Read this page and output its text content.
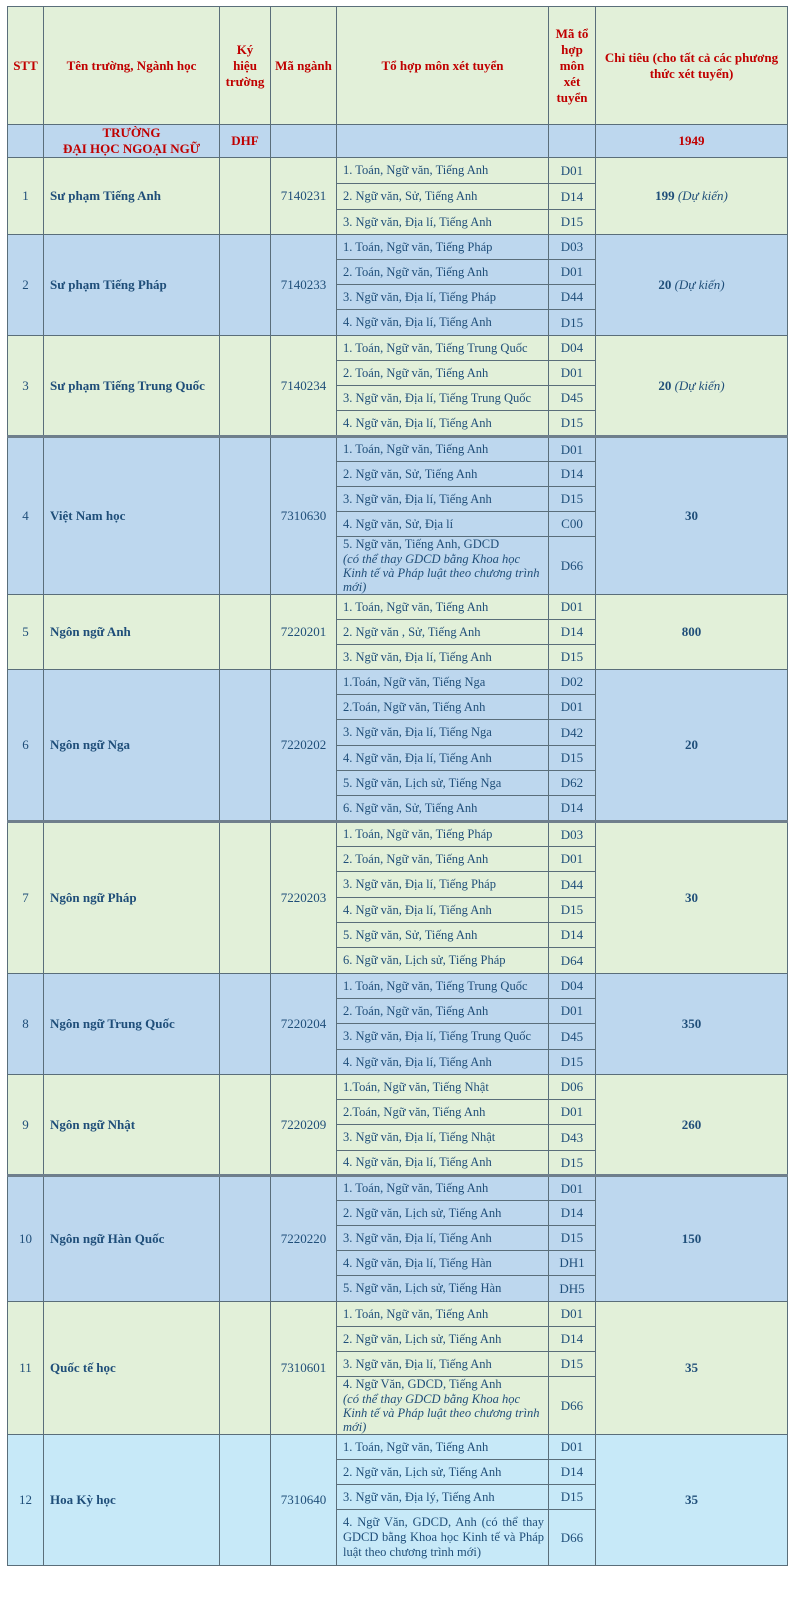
STT	Tên trường, Ngành học	Ký hiệu trường	Mã ngành	Tổ hợp môn xét tuyển	Mã tổ hợp môn xét tuyển	Chỉ tiêu (cho tất cả các phương thức xét tuyển)

	TRƯỜNG
ĐẠI HỌC NGOẠI NGỮ	DHF				1949
1	Sư phạm Tiếng Anh		7140231	1. Toán, Ngữ văn, Tiếng Anh	D01	199 (Dự kiến)
				2. Ngữ văn, Sử, Tiếng Anh	D14	
				3. Ngữ văn, Địa lí, Tiếng Anh	D15	
2	Sư phạm Tiếng Pháp		7140233	1. Toán, Ngữ văn, Tiếng Pháp	D03	20 (Dự kiến)
				2. Toán, Ngữ văn, Tiếng Anh	D01	
				3. Ngữ văn, Địa lí, Tiếng Pháp	D44	
				4. Ngữ văn, Địa lí, Tiếng Anh	D15	
3	Sư phạm Tiếng Trung Quốc		7140234	1. Toán, Ngữ văn, Tiếng Trung Quốc	D04	20 (Dự kiến)
				2. Toán, Ngữ văn, Tiếng Anh	D01	
				3. Ngữ văn, Địa lí, Tiếng Trung Quốc	D45	
				4. Ngữ văn, Địa lí, Tiếng Anh	D15	
4	Việt Nam học		7310630	1. Toán, Ngữ văn, Tiếng Anh	D01	30
				2. Ngữ văn, Sử, Tiếng Anh	D14	
				3. Ngữ văn, Địa lí, Tiếng Anh	D15	
				4. Ngữ văn, Sử, Địa lí	C00	
				5. Ngữ văn, Tiếng Anh, GDCD
(có thể thay GDCD bằng Khoa học Kinh tế và Pháp luật theo chương trình mới)	D66	
5	Ngôn ngữ Anh		7220201	1. Toán, Ngữ văn, Tiếng Anh	D01	800
				2. Ngữ văn , Sử, Tiếng Anh	D14	
				3. Ngữ văn, Địa lí, Tiếng Anh	D15	
6	Ngôn ngữ Nga		7220202	1.Toán, Ngữ văn, Tiếng Nga	D02	20
				2.Toán, Ngữ văn, Tiếng Anh	D01	
				3. Ngữ văn, Địa lí, Tiếng Nga	D42	
				4. Ngữ văn, Địa lí, Tiếng Anh	D15	
				5. Ngữ văn, Lịch sử, Tiếng Nga	D62	
				6. Ngữ văn, Sử, Tiếng Anh	D14	
7	Ngôn ngữ Pháp		7220203	1. Toán, Ngữ văn, Tiếng Pháp	D03	30
				2. Toán, Ngữ văn, Tiếng Anh	D01	
				3. Ngữ văn, Địa lí, Tiếng Pháp	D44	
				4. Ngữ văn, Địa lí, Tiếng Anh	D15	
				5. Ngữ văn, Sử, Tiếng Anh	D14	
				6. Ngữ văn, Lịch sử, Tiếng Pháp	D64	
8	Ngôn ngữ Trung Quốc		7220204	1. Toán, Ngữ văn, Tiếng Trung Quốc	D04	350
				2. Toán, Ngữ văn, Tiếng Anh	D01	
				3. Ngữ văn, Địa lí, Tiếng Trung Quốc	D45	
				4. Ngữ văn, Địa lí, Tiếng Anh	D15	
9	Ngôn ngữ Nhật		7220209	1.Toán, Ngữ văn, Tiếng Nhật	D06	260
				2.Toán, Ngữ văn, Tiếng Anh	D01	
				3. Ngữ văn, Địa lí, Tiếng Nhật	D43	
				4. Ngữ văn, Địa lí, Tiếng Anh	D15	
10	Ngôn ngữ Hàn Quốc		7220220	1. Toán, Ngữ văn, Tiếng Anh	D01	150
				2. Ngữ văn, Lịch sử, Tiếng Anh	D14	
				3. Ngữ văn, Địa lí, Tiếng Anh	D15	
				4. Ngữ văn, Địa lí, Tiếng Hàn	DH1	
				5. Ngữ văn, Lịch sử, Tiếng Hàn	DH5	
11	Quốc tế học		7310601	1. Toán, Ngữ văn, Tiếng Anh	D01	35
				2. Ngữ văn, Lịch sử, Tiếng Anh	D14	
				3. Ngữ văn, Địa lí, Tiếng Anh	D15	
				4. Ngữ Văn, GDCD, Tiếng Anh
(có thể thay GDCD bằng Khoa học Kinh tế và Pháp luật theo chương trình mới)	D66	
12	Hoa Kỳ học		7310640	1. Toán, Ngữ văn, Tiếng Anh	D01	35
				2. Ngữ văn, Lịch sử, Tiếng Anh	D14	
				3. Ngữ văn, Địa lý, Tiếng Anh	D15	
				4. Ngữ Văn, GDCD, Anh (có thể thay GDCD bằng Khoa học Kinh tế và Pháp luật theo chương trình mới)	D66	
